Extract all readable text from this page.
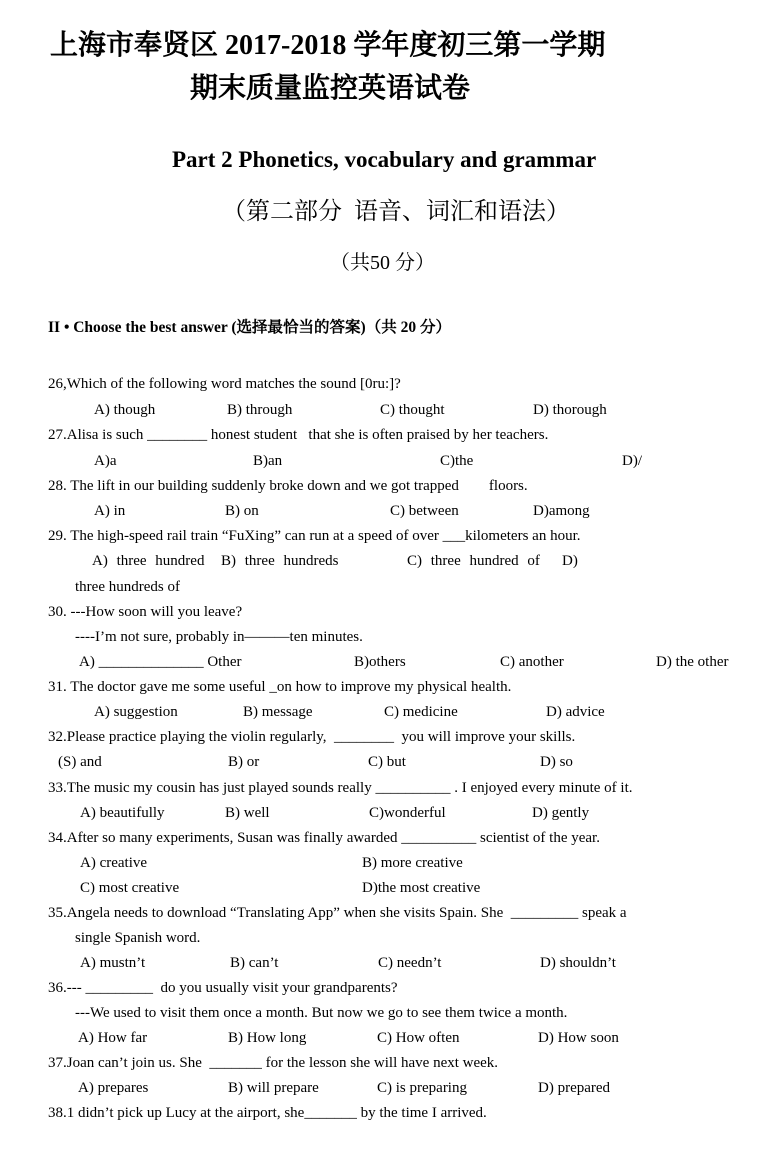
上海市奉贤区 2017-2018 学年度初三第一学期
期末质量监控英语试卷
Part 2 Phonetics, vocabulary and grammar
（第二部分  语音、词汇和语法）
（共50 分）
II • Choose the best answer (选择最恰当的答案)（共 20 分）
26,Which of the following word matches the sound [0ru:]?
A) though	B) through	C) thought	D) thorough
27.Alisa is such ________ honest student   that she is often praised by her teachers.
A)a	B)an	C)the	D)/
28. The lift in our building suddenly broke down and we got trapped        floors.
A) in	B) on	C) between	D)among
29. The high-speed rail train “FuXing” can run at a speed of over ___kilometers an hour.
A) three hundred B) three hundreds	C) three hundred of D)
three hundreds of
30. ---How soon will you leave?
----I’m not sure, probably in———ten minutes.
A) ______________ Other	B)others	C) another	D) the other
31. The doctor gave me some useful _on how to improve my physical health.
A) suggestion	B) message	C) medicine	D) advice
32.Please practice playing the violin regularly,  ________  you will improve your skills.
(S) and	B) or	C) but	D) so
33.The music my cousin has just played sounds really __________ . I enjoyed every minute of it.
A) beautifully	B) well	C)wonderful	D) gently
34.After so many experiments, Susan was finally awarded __________ scientist of the year.
A) creative	B) more creative
C) most creative	D)the most creative
35.Angela needs to download “Translating App” when she visits Spain. She  _________ speak a
single Spanish word.
A) mustn’t	B) can’t	C) needn’t	D) shouldn’t
36.--- _________  do you usually visit your grandparents?
---We used to visit them once a month. But now we go to see them twice a month.
A) How far	B) How long	C) How often	D) How soon
37.Joan can’t join us. She  _______ for the lesson she will have next week.
A) prepares	B) will prepare	C) is preparing	D) prepared
38.1 didn’t pick up Lucy at the airport, she_______ by the time I arrived.
